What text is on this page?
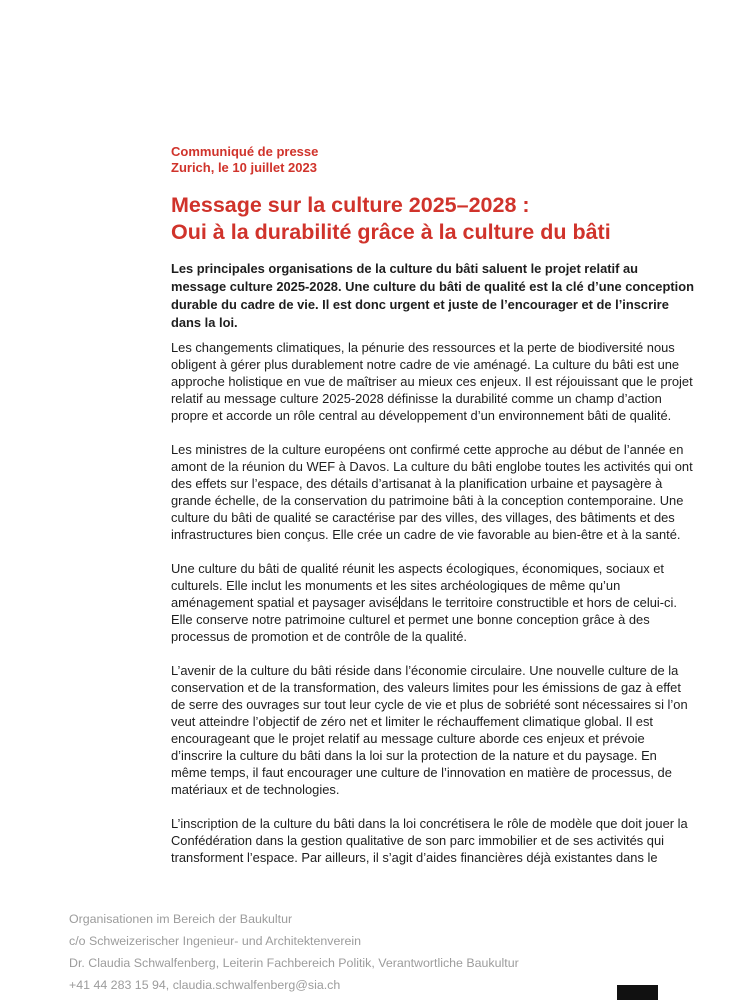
Communiqué de presse
Zurich, le 10 juillet 2023
Message sur la culture 2025–2028 :
Oui à la durabilité grâce à la culture du bâti

Les principales organisations de la culture du bâti saluent le projet relatif au message culture 2025-2028. Une culture du bâti de qualité est la clé d’une conception durable du cadre de vie. Il est donc urgent et juste de l’encourager et de l’inscrire dans la loi.

Les changements climatiques, la pénurie des ressources et la perte de biodiversité nous obligent à gérer plus durablement notre cadre de vie aménagé. La culture du bâti est une approche holistique en vue de maîtriser au mieux ces enjeux. Il est réjouissant que le projet relatif au message culture 2025-2028 définisse la durabilité comme un champ d’action propre et accorde un rôle central au développement d’un environnement bâti de qualité.

Les ministres de la culture européens ont confirmé cette approche au début de l’année en amont de la réunion du WEF à Davos. La culture du bâti englobe toutes les activités qui ont des effets sur l’espace, des détails d’artisanat à la planification urbaine et paysagère à grande échelle, de la conservation du patrimoine bâti à la conception contemporaine. Une culture du bâti de qualité se caractérise par des villes, des villages, des bâtiments et des infrastructures bien conçus. Elle crée un cadre de vie favorable au bien-être et à la santé.

Une culture du bâti de qualité réunit les aspects écologiques, économiques, sociaux et culturels. Elle inclut les monuments et les sites archéologiques de même qu’un aménagement spatial et paysager avisé dans le territoire constructible et hors de celui-ci. Elle conserve notre patrimoine culturel et permet une bonne conception grâce à des processus de promotion et de contrôle de la qualité.

L’avenir de la culture du bâti réside dans l’économie circulaire. Une nouvelle culture de la conservation et de la transformation, des valeurs limites pour les émissions de gaz à effet de serre des ouvrages sur tout leur cycle de vie et plus de sobriété sont nécessaires si l’on veut atteindre l’objectif de zéro net et limiter le réchauffement climatique global. Il est encourageant que le projet relatif au message culture aborde ces enjeux et prévoie d’inscrire la culture du bâti dans la loi sur la protection de la nature et du paysage. En même temps, il faut encourager une culture de l’innovation en matière de processus, de matériaux et de technologies.

L’inscription de la culture du bâti dans la loi concrétisera le rôle de modèle que doit jouer la Confédération dans la gestion qualitative de son parc immobilier et de ses activités qui transforment l’espace. Par ailleurs, il s’agit d’aides financières déjà existantes dans le

Organisationen im Bereich der Baukultur
c/o Schweizerischer Ingenieur- und Architektenverein
Dr. Claudia Schwalfenberg, Leiterin Fachbereich Politik, Verantwortliche Baukultur
+41 44 283 15 94, claudia.schwalfenberg@sia.ch
